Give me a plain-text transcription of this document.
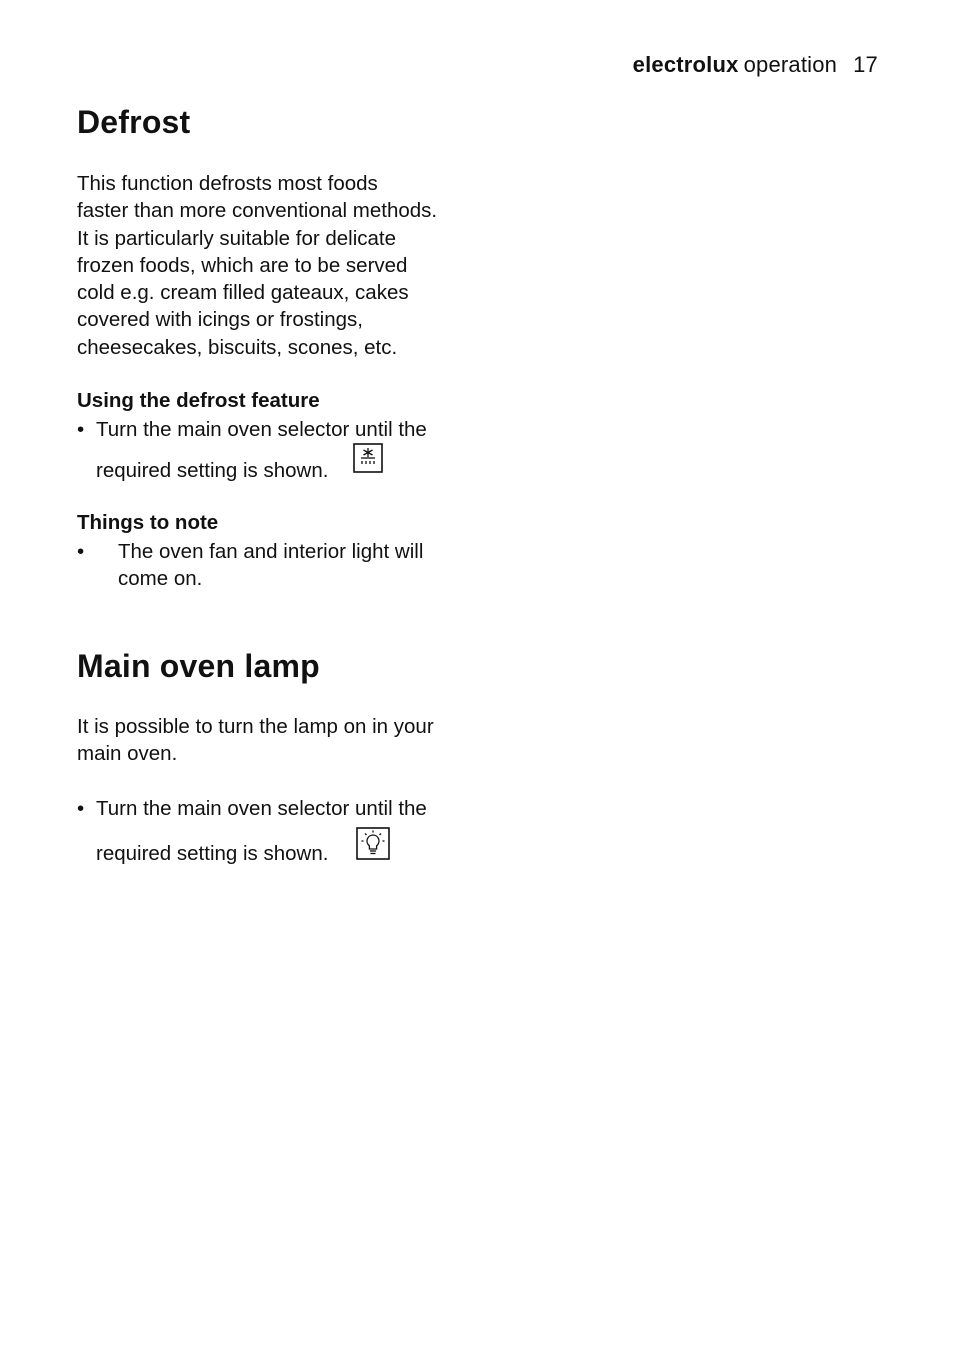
electrolux operation 17
Defrost

This function defrosts most foods
faster than more conventional methods.
It is particularly suitable for delicate
frozen foods, which are to be served
cold e.g. cream filled gateaux, cakes
covered with icings or frostings,
cheesecakes, biscuits, scones, etc.

Using the defrost feature
• Turn the main oven selector until the
required setting is shown.
Things to note
• The oven fan and interior light will
come on.
Main oven lamp

It is possible to turn the lamp on in your
main oven.

• Turn the main oven selector until the
required setting is shown.
